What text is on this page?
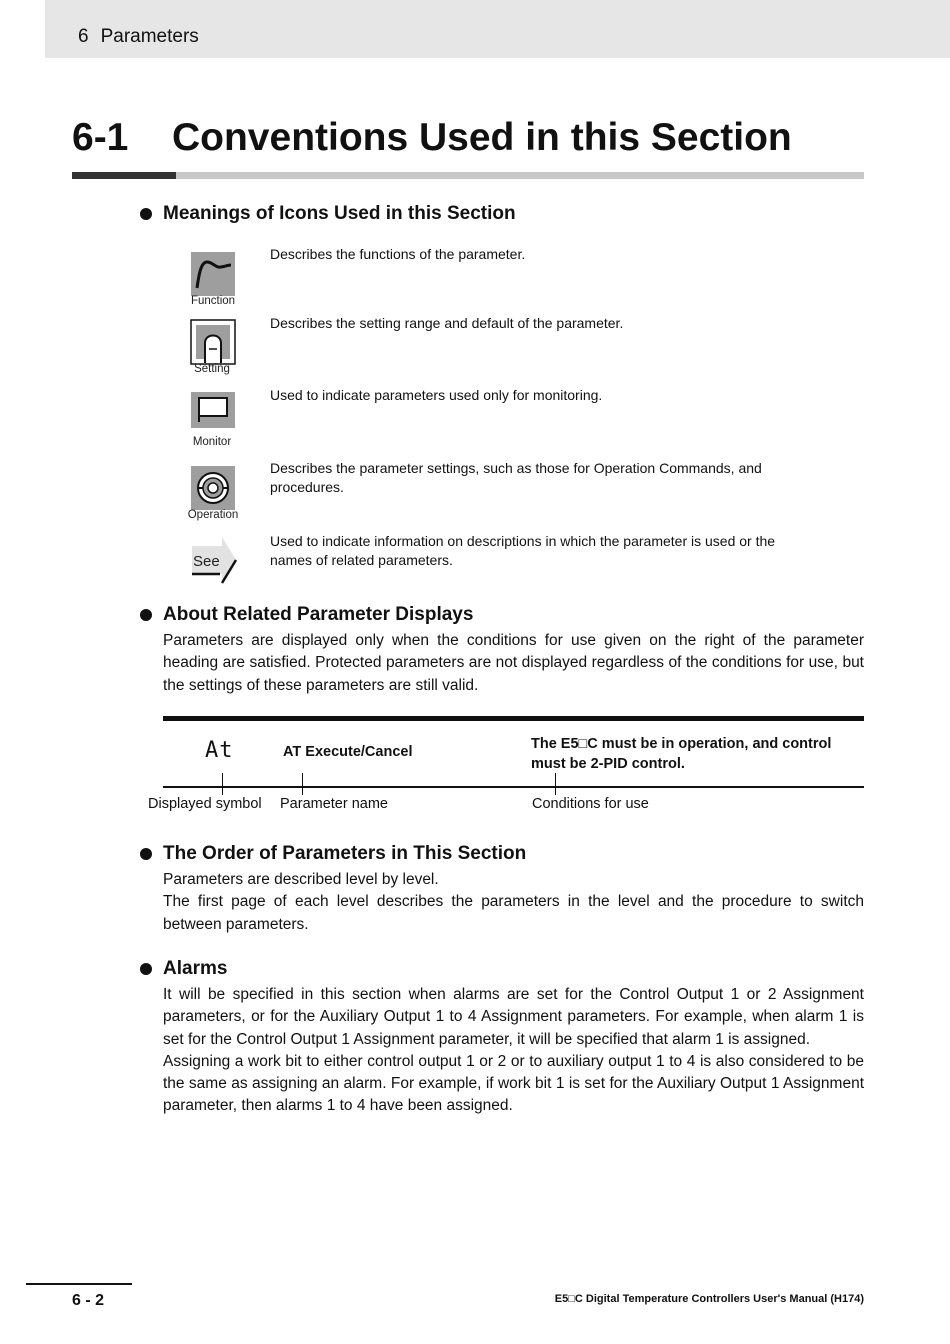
6 Parameters
6-1 Conventions Used in this Section
Meanings of Icons Used in this Section
Function
Describes the functions of the parameter.
Setting
Describes the setting range and default of the parameter.
Monitor
Used to indicate parameters used only for monitoring.
Operation
Describes the parameter settings, such as those for Operation Commands, and procedures.
See
Used to indicate information on descriptions in which the parameter is used or the names of related parameters.
About Related Parameter Displays

Parameters are displayed only when the conditions for use given on the right of the parameter heading are satisfied. Protected parameters are not displayed regardless of the conditions for use, but the settings of these parameters are still valid.

At	AT Execute/Cancel	The E5□C must be in operation, and control must be 2-PID control.
Displayed symbol Parameter name	Conditions for use
The Order of Parameters in This Section

Parameters are described level by level.

The first page of each level describes the parameters in the level and the procedure to switch between parameters.

Alarms

It will be specified in this section when alarms are set for the Control Output 1 or 2 Assignment parameters, or for the Auxiliary Output 1 to 4 Assignment parameters. For example, when alarm 1 is set for the Control Output 1 Assignment parameter, it will be specified that alarm 1 is assigned.

Assigning a work bit to either control output 1 or 2 or to auxiliary output 1 to 4 is also considered to be the same as assigning an alarm. For example, if work bit 1 is set for the Auxiliary Output 1 Assignment parameter, then alarms 1 to 4 have been assigned.

6 - 2	E5□C Digital Temperature Controllers User's Manual (H174)
